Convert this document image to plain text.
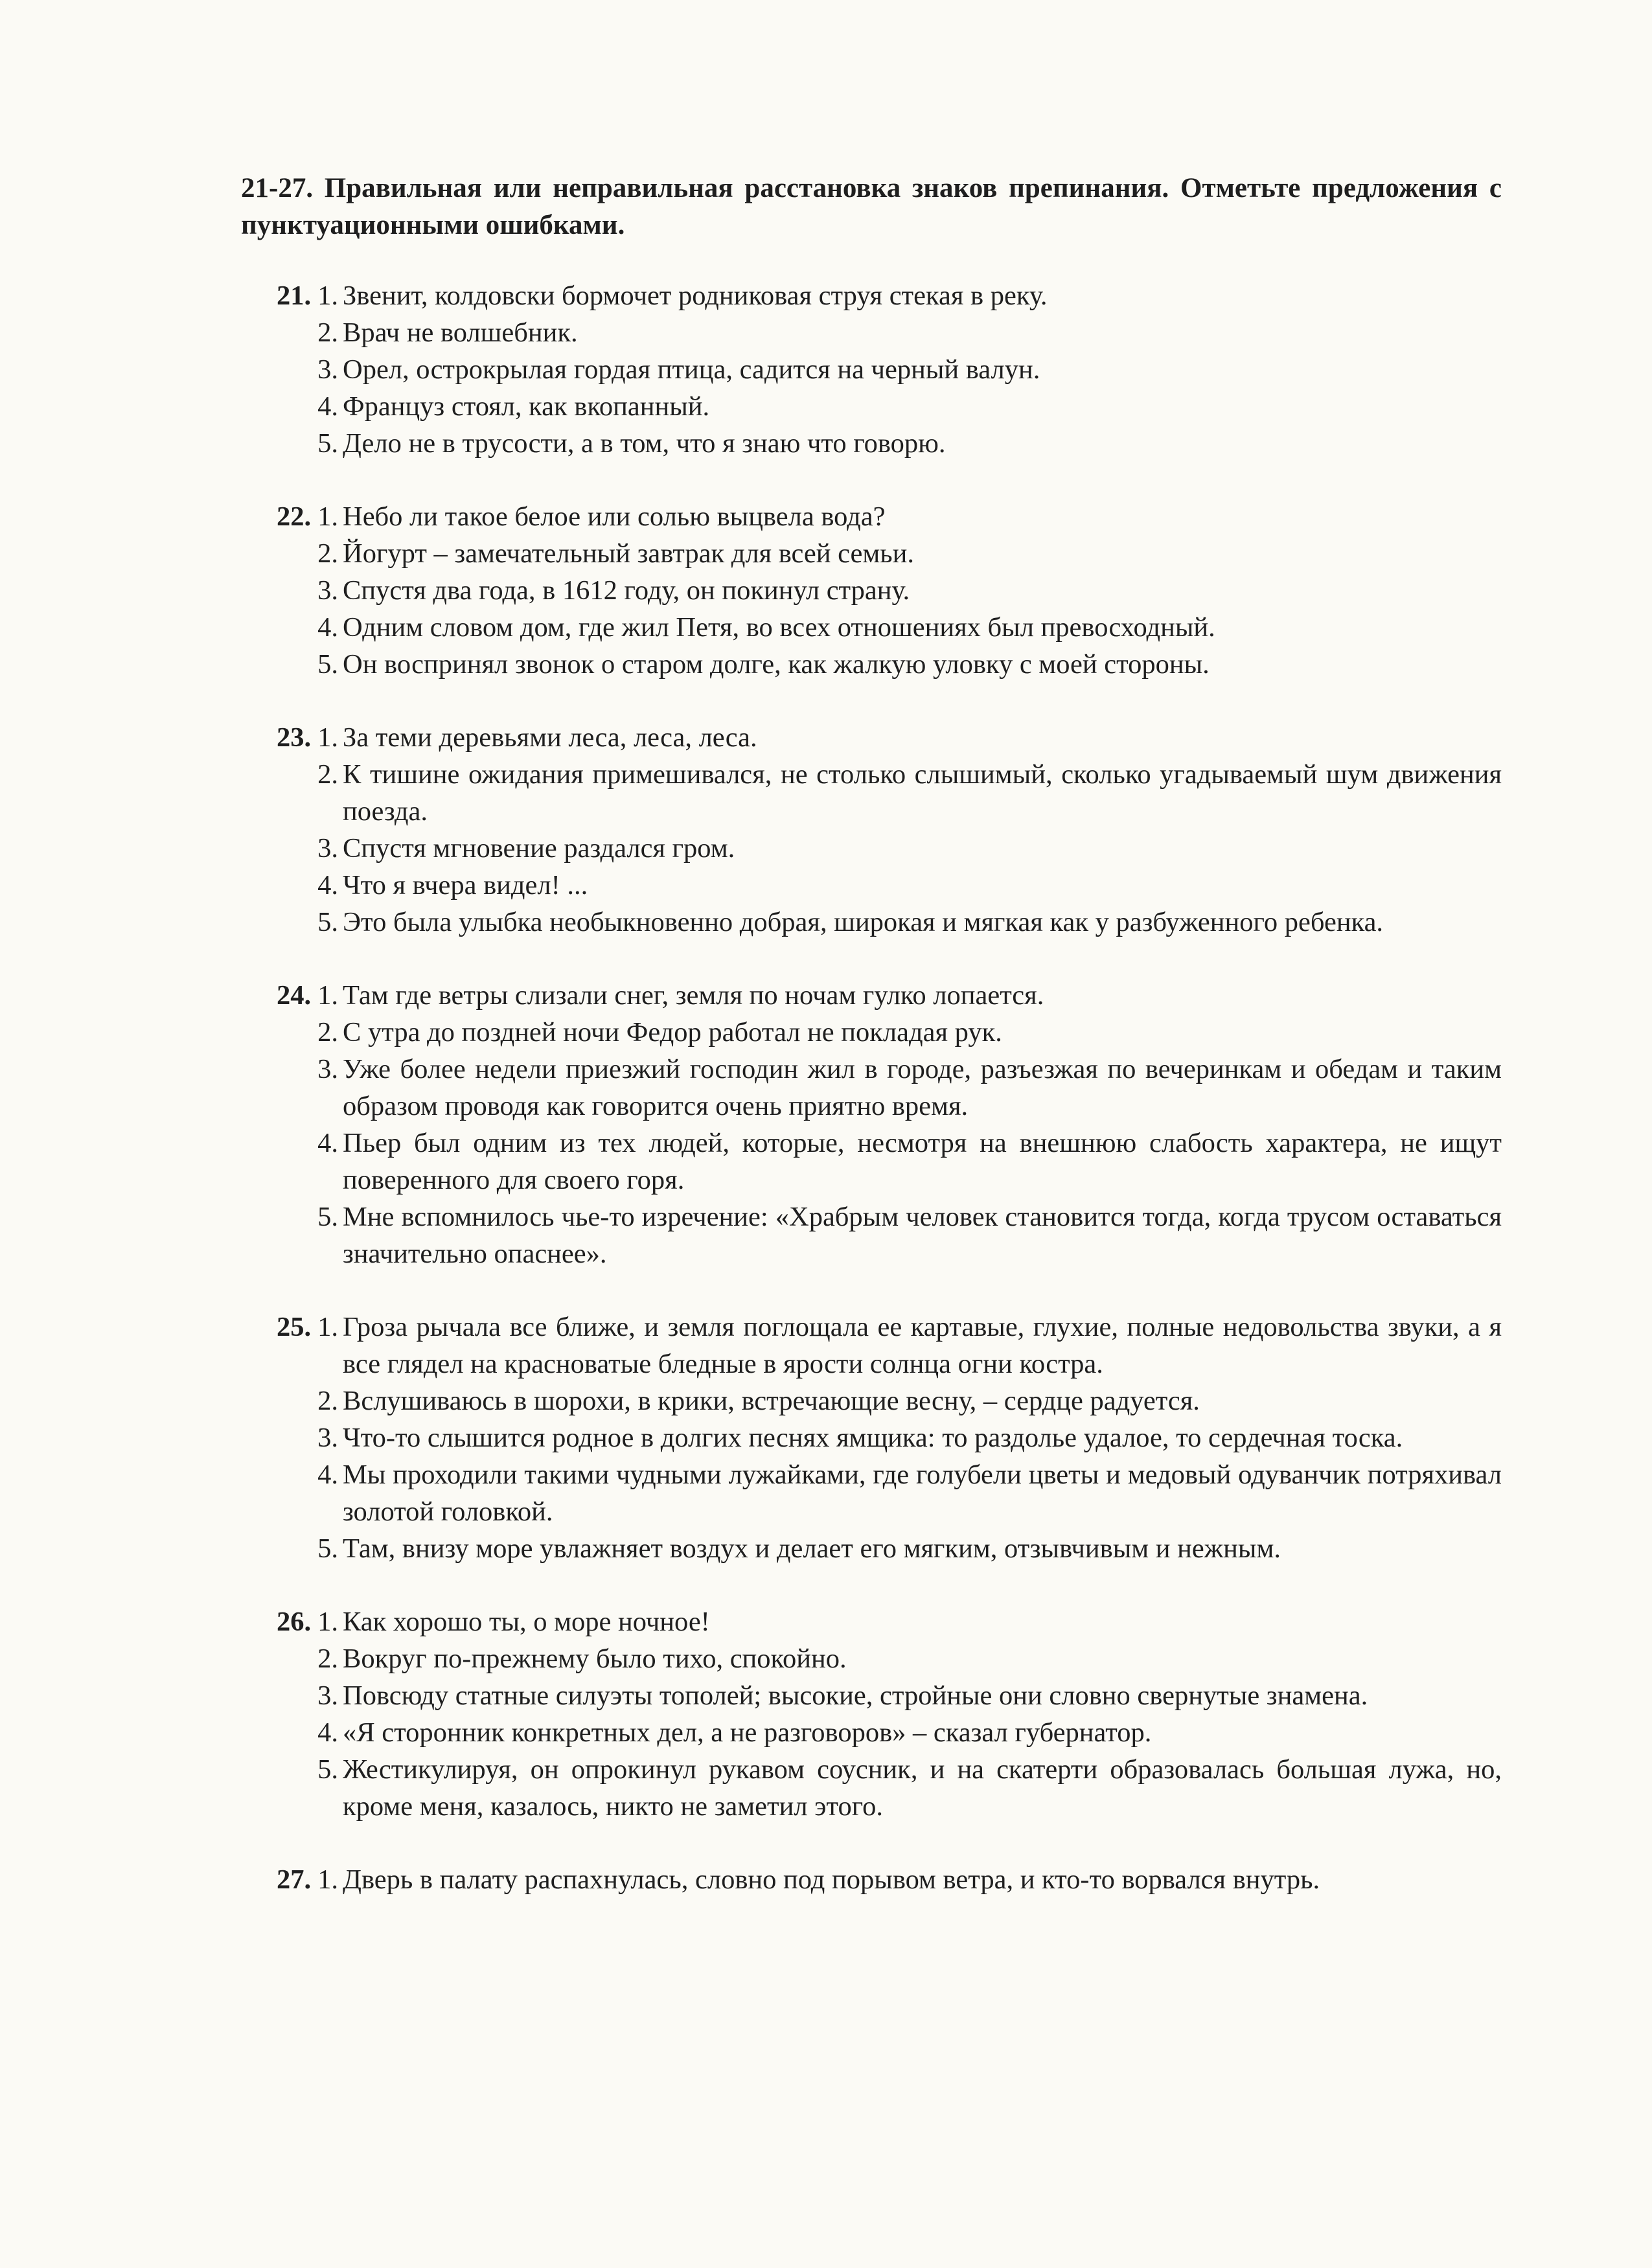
21-27. Правильная или неправильная расстановка знаков препинания. Отметьте предложения с пунктуационными ошибками.

21. 1. Звенит, колдовски бормочет родниковая струя стекая в реку.
2. Врач не волшебник.
3. Орел, острокрылая гордая птица, садится на черный валун.
4. Француз стоял, как вкопанный.
5. Дело не в трусости, а в том, что я знаю что говорю.
22. 1. Небо ли такое белое или солью выцвела вода?
2. Йогурт – замечательный завтрак для всей семьи.
3. Спустя два года, в 1612 году, он покинул страну.
4. Одним словом дом, где жил Петя, во всех отношениях был превосходный.
5. Он воспринял звонок о старом долге, как жалкую уловку с моей стороны.
23. 1. За теми деревьями леса, леса, леса.
2. К тишине ожидания примешивался, не столько слышимый, сколько угадываемый шум движения поезда.
3. Спустя мгновение раздался гром.
4. Что я вчера видел! ...
5. Это была улыбка необыкновенно добрая, широкая и мягкая как у разбуженного ребенка.
24. 1. Там где ветры слизали снег, земля по ночам гулко лопается.
2. С утра до поздней ночи Федор работал не покладая рук.
3. Уже более недели приезжий господин жил в городе, разъезжая по вечеринкам и обедам и таким образом проводя как говорится очень приятно время.
4. Пьер был одним из тех людей, которые, несмотря на внешнюю слабость характера, не ищут поверенного для своего горя.
5. Мне вспомнилось чье-то изречение: «Храбрым человек становится тогда, когда трусом оставаться значительно опаснее».
25. 1. Гроза рычала все ближе, и земля поглощала ее картавые, глухие, полные недовольства звуки, а я все глядел на красноватые бледные в ярости солнца огни костра.
2. Вслушиваюсь в шорохи, в крики, встречающие весну, – сердце радуется.
3. Что-то слышится родное в долгих песнях ямщика: то раздолье удалое, то сердечная тоска.
4. Мы проходили такими чудными лужайками, где голубели цветы и медовый одуванчик потряхивал золотой головкой.
5. Там, внизу море увлажняет воздух и делает его мягким, отзывчивым и нежным.
26. 1. Как хорошо ты, о море ночное!
2. Вокруг по-прежнему было тихо, спокойно.
3. Повсюду статные силуэты тополей; высокие, стройные они словно свернутые знамена.
4. «Я сторонник конкретных дел, а не разговоров» – сказал губернатор.
5. Жестикулируя, он опрокинул рукавом соусник, и на скатерти образовалась большая лужа, но, кроме меня, казалось, никто не заметил этого.
27. 1. Дверь в палату распахнулась, словно под порывом ветра, и кто-то ворвался внутрь.
